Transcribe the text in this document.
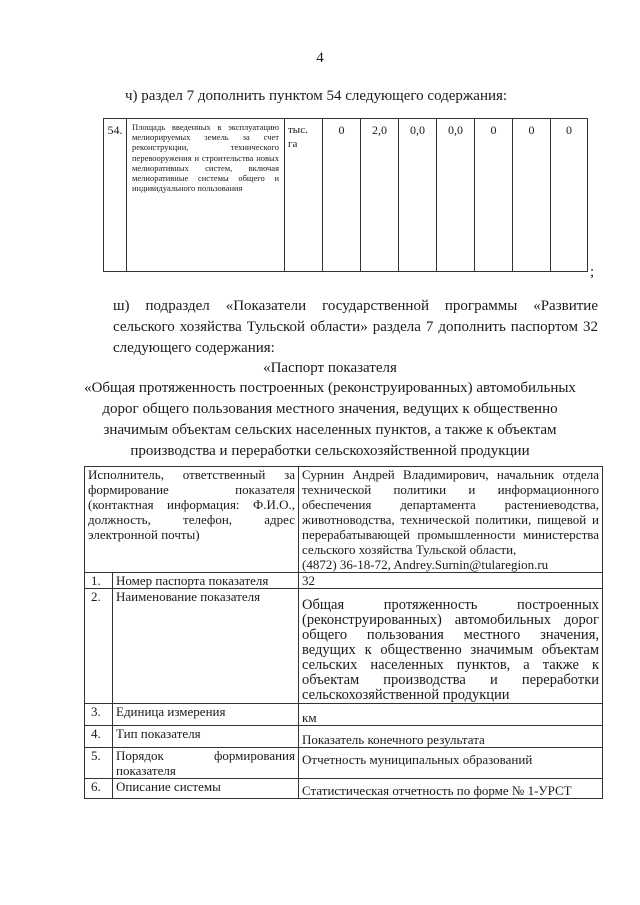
4
ч) раздел 7 дополнить пунктом 54 следующего содержания:
54.	Площадь введенных в эксплуатацию мелиорируемых земель за счет реконструкции, технического перевооружения и строительства новых мелиоративных систем, включая мелиоративные системы общего и индивидуального пользования	тыс. га	0	2,0	0,0	0,0	0	0	0
;
ш) подраздел «Показатели государственной программы «Развитие сельского хозяйства Тульской области» раздела 7 дополнить паспортом 32 следующего содержания:
«Паспорт показателя
«Общая протяженность построенных (реконструированных) автомобильных дорог общего пользования местного значения, ведущих к общественно значимым объектам сельских населенных пунктов, а также к объектам производства и переработки сельскохозяйственной продукции
Исполнитель, ответственный за формирование показателя (контактная информация: Ф.И.О., должность, телефон, адрес электронной почты)		Сурнин Андрей Владимирович, начальник отдела технической политики и информационного обеспечения департамента растениеводства, животноводства, технической политики, пищевой и перерабатывающей промышленности министерства сельского хозяйства Тульской области,
(4872) 36-18-72, Andrey.Surnin@tularegion.ru

1.	Номер паспорта показателя	32
2.	Наименование показателя	Общая протяженность построенных (реконструированных) автомобильных дорог общего пользования местного значения, ведущих к общественно значимым объектам сельских населенных пунктов, а также к объектам производства и переработки сельскохозяйственной продукции
3.	Единица измерения	км
4.	Тип показателя	Показатель конечного результата
5.	Порядок формирования показателя	Отчетность муниципальных образований
6.	Описание системы	Статистическая отчетность по форме № 1-УРСТ
